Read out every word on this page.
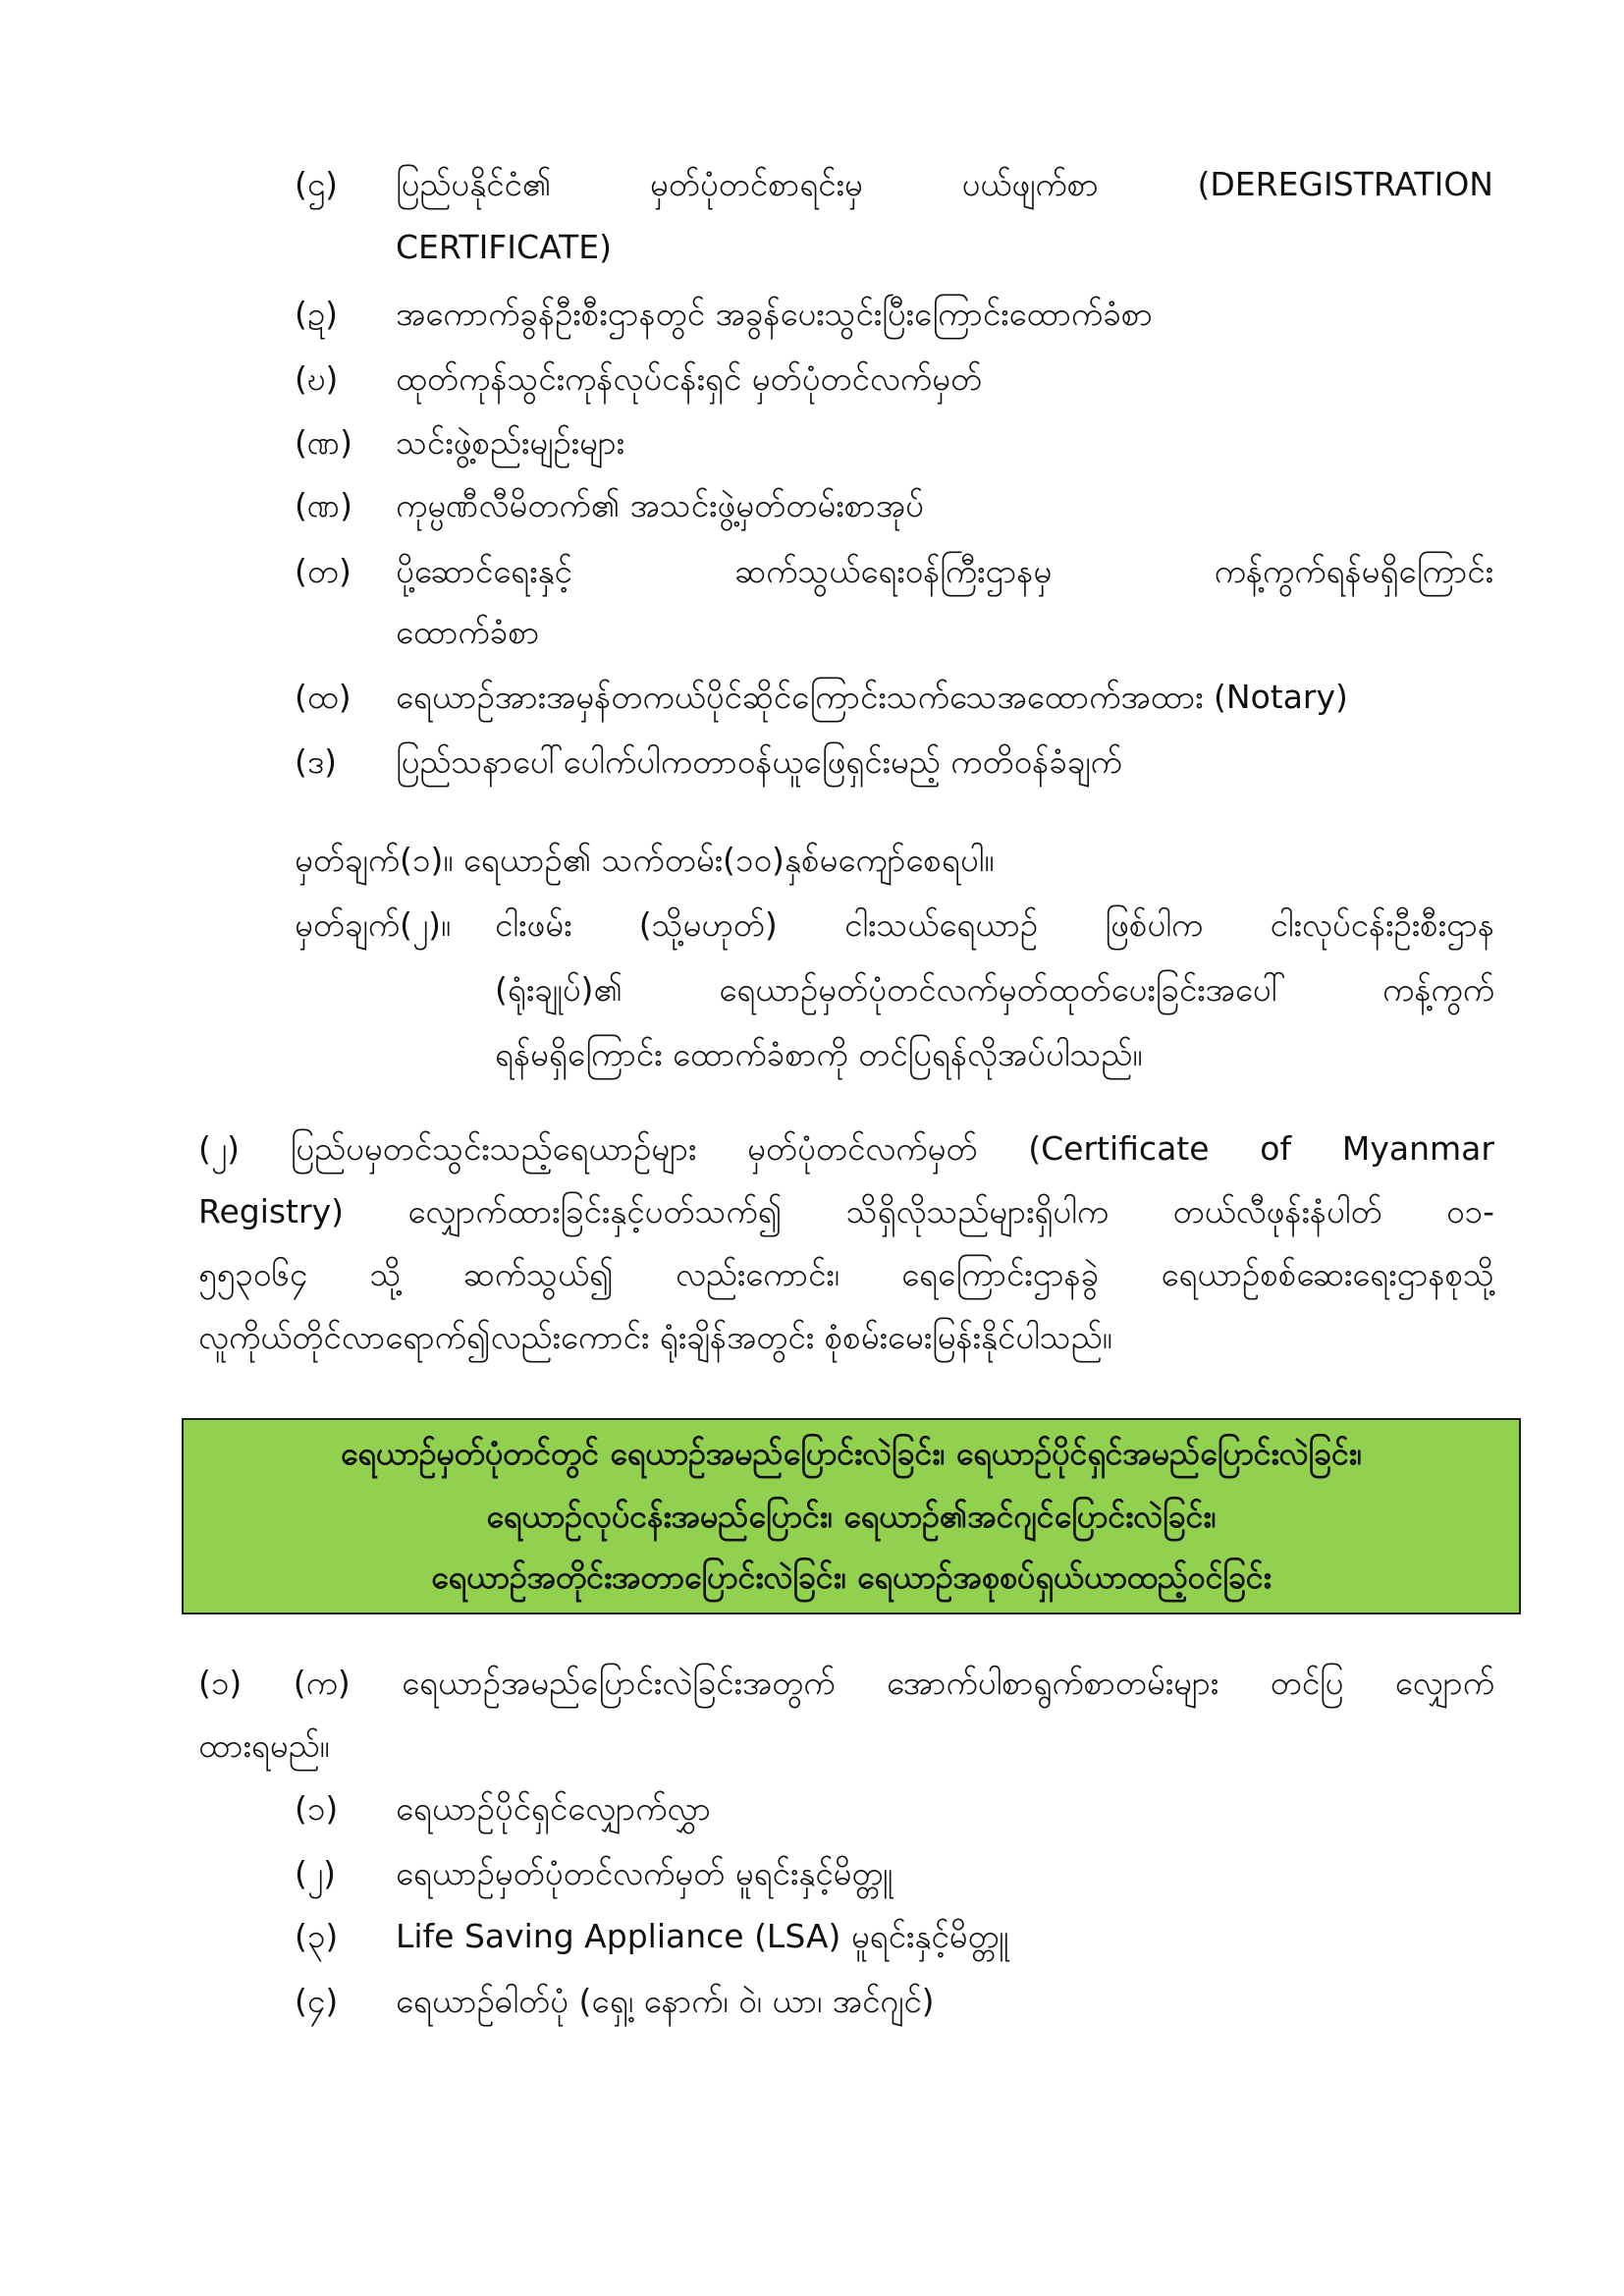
(ဌ)	ပြည်ပနိုင်ငံ၏	မှတ်ပုံတင်စာရင်းမှ	ပယ်ဖျက်စာ	(DEREGISTRATION
CERTIFICATE)
(ဍ)	အကောက်ခွန်ဦးစီးဌာနတွင် အခွန်ပေးသွင်းပြီးကြောင်းထောက်ခံစာ
(ဎ)	ထုတ်ကုန်သွင်းကုန်လုပ်ငန်းရှင် မှတ်ပုံတင်လက်မှတ်
(ဏ)	သင်းဖွဲ့စည်းမျဉ်းများ
(ဏ)	ကုမ္ပဏီလီမိတက်၏ အသင်းဖွဲ့မှတ်တမ်းစာအုပ်
(တ)	ပို့ဆောင်ရေးနှင့်	ဆက်သွယ်ရေးဝန်ကြီးဌာနမှ	ကန့်ကွက်ရန်မရှိကြောင်း
ထောက်ခံစာ
(ထ)	ရေယာဉ်အားအမှန်တကယ်ပိုင်ဆိုင်ကြောင်းသက်သေအထောက်အထား (Notary)
(ဒ)	ပြည်သနာပေါ်ပေါက်ပါကတာဝန်ယူဖြေရှင်းမည့် ကတိဝန်ခံချက်
မှတ်ချက်(၁)။ ရေယာဉ်၏ သက်တမ်း(၁၀)နှစ်မကျော်စေရပါ။
မှတ်ချက်(၂)။ ငါးဖမ်း (သို့မဟုတ်) ငါးသယ်ရေယာဉ် ဖြစ်ပါက ငါးလုပ်ငန်းဦးစီးဌာန
(ရုံးချုပ်)၏	ရေယာဉ်မှတ်ပုံတင်လက်မှတ်ထုတ်ပေးခြင်းအပေါ်	ကန့်ကွက်
ရန်မရှိကြောင်း ထောက်ခံစာကို တင်ပြရန်လိုအပ်ပါသည်။
(၂) ပြည်ပမှတင်သွင်းသည့်ရေယာဉ်များ မှတ်ပုံတင်လက်မှတ် (Certificate of Myanmar
Registry) လျှောက်ထားခြင်းနှင့်ပတ်သက်၍ သိရှိလိုသည်များရှိပါက တယ်လီဖုန်းနံပါတ် ၀၁-
၅၅၃၀၆၄ သို့ ဆက်သွယ်၍ လည်းကောင်း၊ ရေကြောင်းဌာနခွဲ ရေယာဉ်စစ်ဆေးရေးဌာနစုသို့
လူကိုယ်တိုင်လာရောက်၍လည်းကောင်း ရုံးချိန်အတွင်း စုံစမ်းမေးမြန်းနိုင်ပါသည်။
ရေယာဉ်မှတ်ပုံတင်တွင် ရေယာဉ်အမည်ပြောင်းလဲခြင်း၊ ရေယာဉ်ပိုင်ရှင်အမည်ပြောင်းလဲခြင်း၊
ရေယာဉ်လုပ်ငန်းအမည်ပြောင်း၊ ရေယာဉ်၏အင်ဂျင်ပြောင်းလဲခြင်း၊
ရေယာဉ်အတိုင်းအတာပြောင်းလဲခြင်း၊ ရေယာဉ်အစုစပ်ရှယ်ယာထည့်ဝင်ခြင်း
(၁) (က) ရေယာဉ်အမည်ပြောင်းလဲခြင်းအတွက် အောက်ပါစာရွက်စာတမ်းများ တင်ပြ လျှောက်
ထားရမည်။
(၁)	ရေယာဉ်ပိုင်ရှင်လျှောက်လွှာ
(၂)	ရေယာဉ်မှတ်ပုံတင်လက်မှတ် မူရင်းနှင့်မိတ္တူ
(၃)	Life Saving Appliance (LSA) မူရင်းနှင့်မိတ္တူ
(၄)	ရေယာဉ်ဓါတ်ပုံ (ရှေ့၊ နောက်၊ ဝဲ၊ ယာ၊ အင်ဂျင်)
